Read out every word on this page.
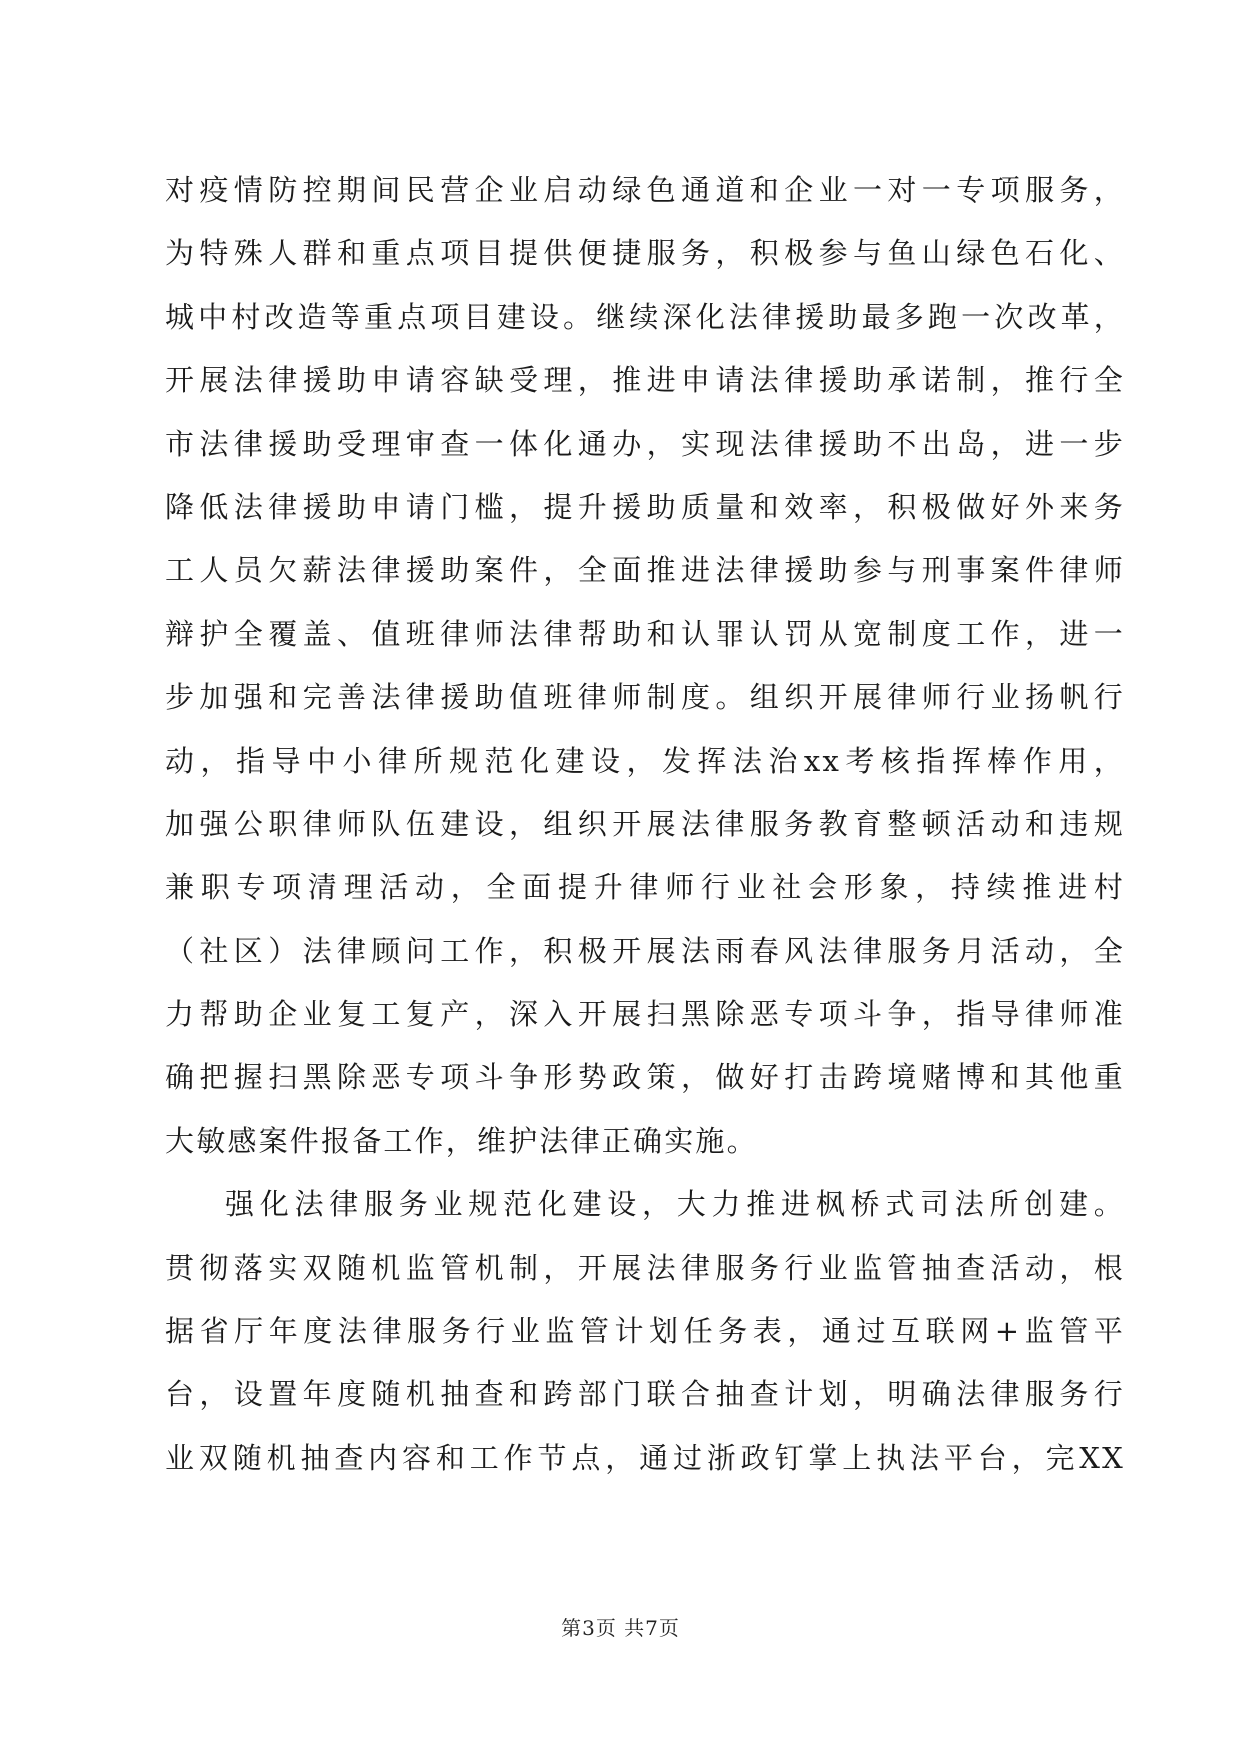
对疫情防控期间民营企业启动绿色通道和企业一对一专项服务，
为特殊人群和重点项目提供便捷服务，积极参与鱼山绿色石化、
城中村改造等重点项目建设。继续深化法律援助最多跑一次改革，
开展法律援助申请容缺受理，推进申请法律援助承诺制，推行全
市法律援助受理审查一体化通办，实现法律援助不出岛，进一步
降低法律援助申请门槛，提升援助质量和效率，积极做好外来务
工人员欠薪法律援助案件，全面推进法律援助参与刑事案件律师
辩护全覆盖、值班律师法律帮助和认罪认罚从宽制度工作，进一
步加强和完善法律援助值班律师制度。组织开展律师行业扬帆行
动，指导中小律所规范化建设，发挥法治xx考核指挥棒作用，
加强公职律师队伍建设，组织开展法律服务教育整顿活动和违规
兼职专项清理活动，全面提升律师行业社会形象，持续推进村
（社区）法律顾问工作，积极开展法雨春风法律服务月活动，全
力帮助企业复工复产，深入开展扫黑除恶专项斗争，指导律师准
确把握扫黑除恶专项斗争形势政策，做好打击跨境赌博和其他重
大敏感案件报备工作，维护法律正确实施。
强化法律服务业规范化建设，大力推进枫桥式司法所创建。
贯彻落实双随机监管机制，开展法律服务行业监管抽查活动，根
据省厅年度法律服务行业监管计划任务表，通过互联网+监管平
台，设置年度随机抽查和跨部门联合抽查计划，明确法律服务行
业双随机抽查内容和工作节点，通过浙政钉掌上执法平台，完XX
第3页 共7页
